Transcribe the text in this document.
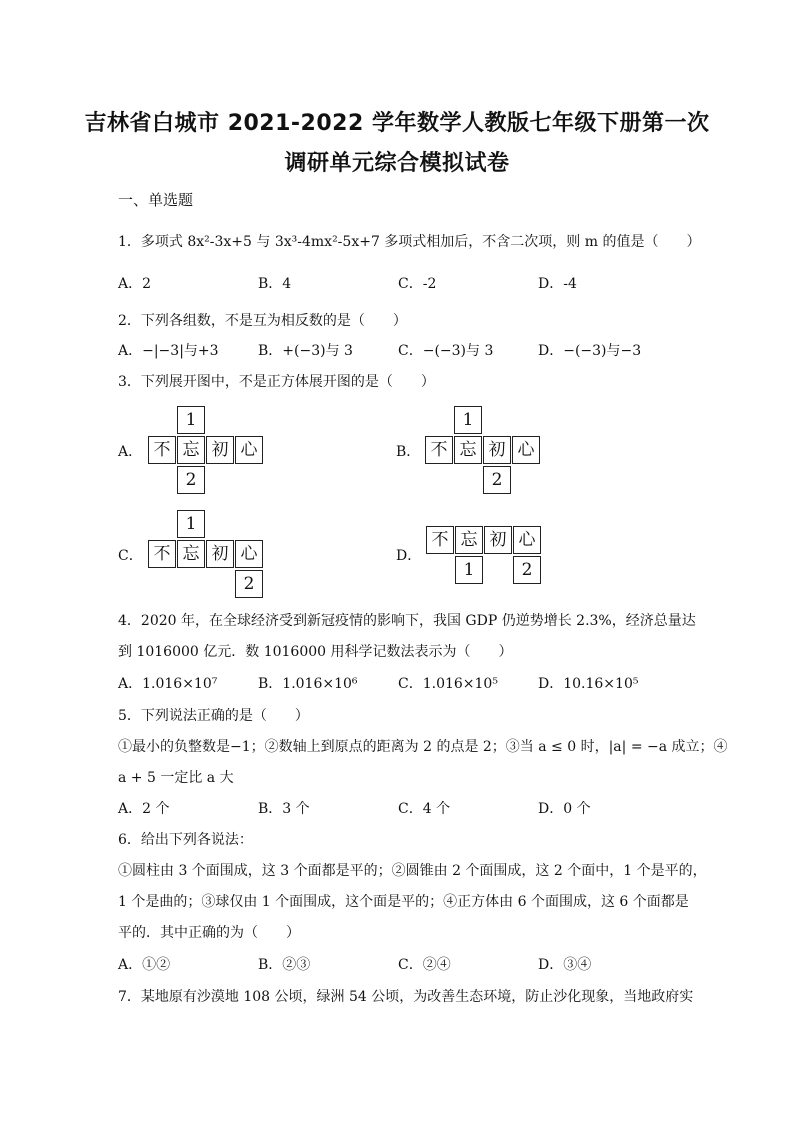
吉林省白城市 2021-2022 学年数学人教版七年级下册第一次
调研单元综合模拟试卷
一、单选题
1．多项式 8x²-3x+5 与 3x³-4mx²-5x+7 多项式相加后，不含二次项，则 m 的值是（　　）
A．2	B．4	C．-2	D．-4
2．下列各组数，不是互为相反数的是（　　）
A．−|−3|与+3	B．+(−3)与 3	C．−(−3)与 3	D．−(−3)与−3
3．下列展开图中，不是正方体展开图的是（　　）
A．
1
不 忘 初 心
2
B．
1
不 忘 初 心
2
C．
1
不 忘 初 心
2
D．
不 忘 初 心
1	2
4．2020 年，在全球经济受到新冠疫情的影响下，我国 GDP 仍逆势增长 2.3%，经济总量达
到 1016000 亿元．数 1016000 用科学记数法表示为（　　）
A．1.016×10⁷	B．1.016×10⁶	C．1.016×10⁵	D．10.16×10⁵
5．下列说法正确的是（　　）
①最小的负整数是−1；②数轴上到原点的距离为 2 的点是 2；③当 a ≤ 0 时，|a| = −a 成立；④
a + 5 一定比 a 大
A．2 个	B．3 个	C．4 个	D．0 个
6．给出下列各说法：
①圆柱由 3 个面围成，这 3 个面都是平的；②圆锥由 2 个面围成，这 2 个面中，1 个是平的，
1 个是曲的；③球仅由 1 个面围成，这个面是平的；④正方体由 6 个面围成，这 6 个面都是
平的．其中正确的为（　　）
A．①②	B．②③	C．②④	D．③④
7．某地原有沙漠地 108 公顷，绿洲 54 公顷，为改善生态环境，防止沙化现象，当地政府实
